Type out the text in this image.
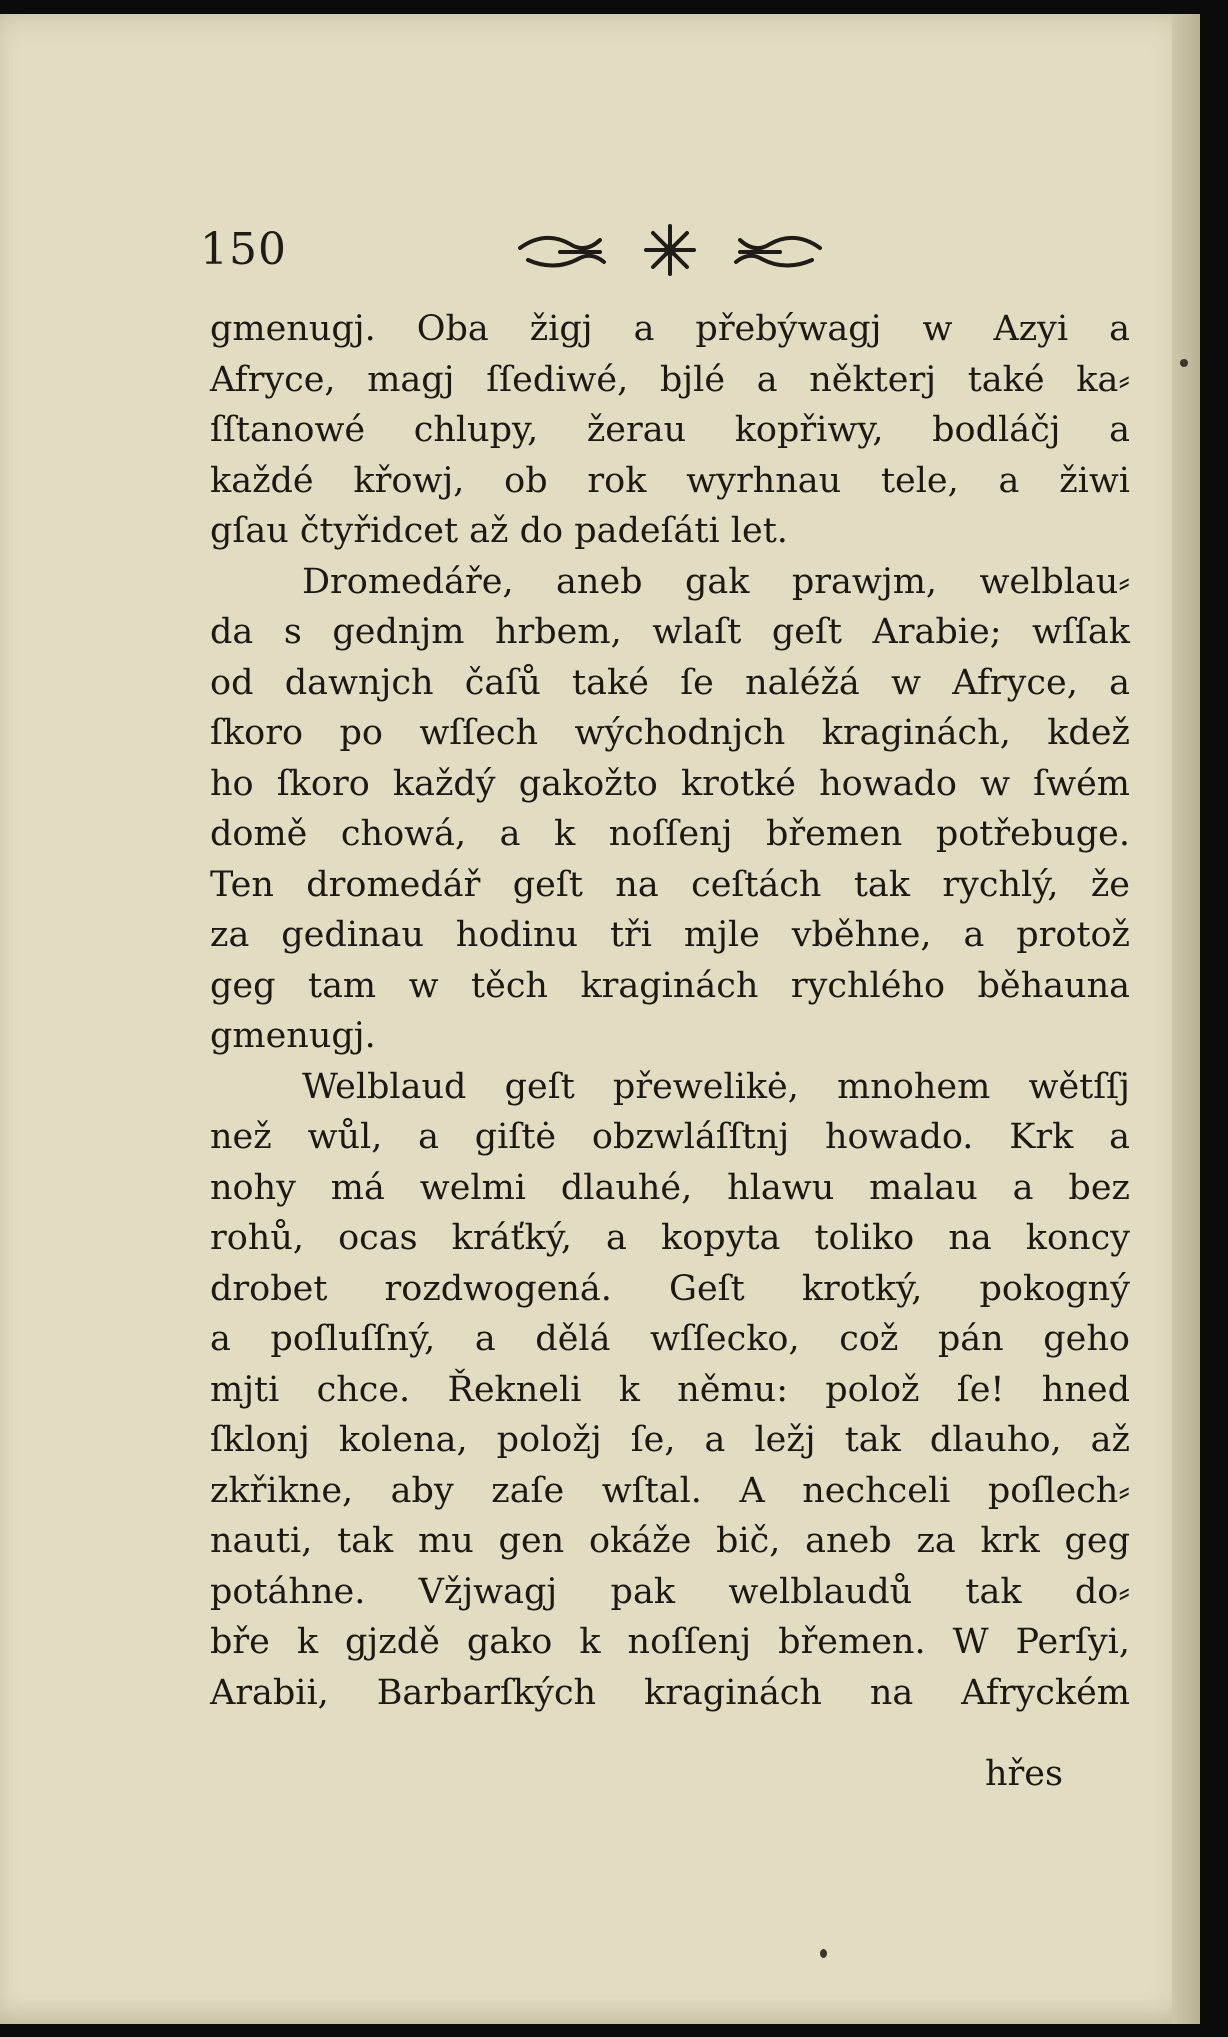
150
gmenugj. Oba žigj a přebýwagj w Azyi a
Afrycе, magj ſſediwé, bjlé a některj také ka⸗
ſſtanowé chlupy, žerau kopřiwy, bodláčj a
každé křowj, ob rok wyrhnau tele, a žiwi
gſau čtyřidcet až do padeſáti let.
Dromedáře, aneb gak prawjm, welblau⸗
da s gednjm hrbem, wlaſt geſt Arabie; wſſak
od dawnjch čaſů také ſe naléžá w Afrycе, a
ſkoro po wſſech wýchodnjch kraginách, kdež
ho ſkoro každý gakožto krotké howado w ſwém
domě chowá, a k noſſenj břemen potřebuge.
Ten dromedář geſt na ceſtách tak rychlý, že
za gedinau hodinu tři mjle vběhne, a protož
geg tam w těch kraginách rychlého běhauna
gmenugj.
Welblaud geſt přewelikė, mnohem wětſſj
než wůl, a giſtė obzwláſſtnj howado. Krk a
nohy má welmi dlauhé, hlawu malau a bez
rohů, ocas kráťký, a kopyta toliko na koncy
drobet rozdwogená. Geſt krotký, pokogný
a poſluſſný, a dělá wſſecko, což pán geho
mjti chce. Řekneli k němu: polož ſe! hned
ſklonj kolena, položj ſe, a ležj tak dlauho, až
zkřikne, aby zaſe wſtal. A nechceli poſlech⸗
nauti, tak mu gen okáže bič, aneb za krk geg
potáhne. Vžjwagj pak welblaudů tak do⸗
bře k gjzdě gako k noſſenj břemen. W Perſyi,
Arabii, Barbarſkých kraginách na Afryckém
hřes
